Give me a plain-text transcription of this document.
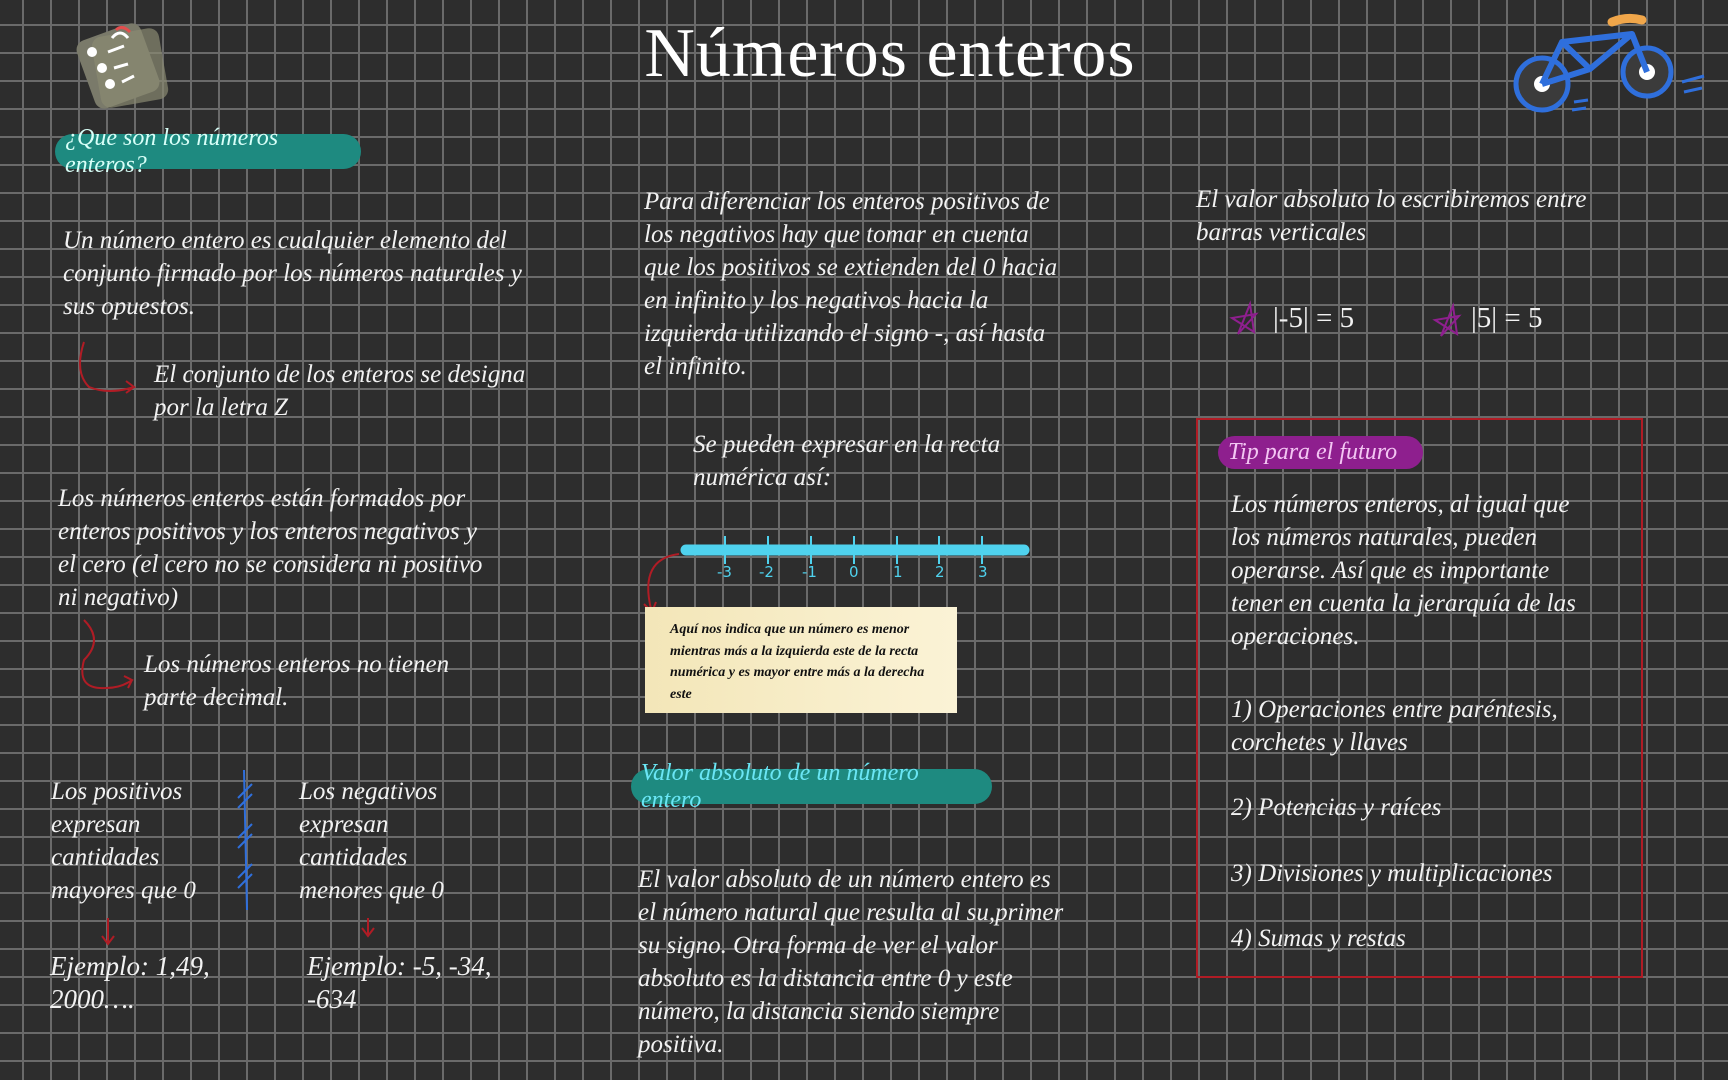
Números enteros
¿Que son los números enteros?

Un número entero es cualquier elemento del conjunto firmado por los números naturales y sus opuestos.

El conjunto de los enteros se designa por la letra Z

Los números enteros están formados por enteros positivos y los enteros negativos y el cero (el cero no se considera ni positivo ni negativo)

Los números enteros no tienen parte decimal.

Los positivos expresan cantidades mayores que 0

Los negativos expresan cantidades menores que 0

Ejemplo: 1,49, 2000….

Ejemplo: -5, -34, -634

Para diferenciar los enteros positivos de los negativos hay que tomar en cuenta que los positivos se extienden del 0 hacia en infinito y los negativos hacia la izquierda utilizando el signo -, así hasta el infinito.

Se pueden expresar en la recta numérica así:

-3 -2 -1 0 1 2 3
Aquí nos indica que un número es menor mientras más a la izquierda este de la recta numérica y es mayor entre más a la derecha este
Valor absoluto de un número entero

El valor absoluto de un número entero es el número natural que resulta al su,primer su signo. Otra forma de ver el valor absoluto es la distancia entre 0 y este número, la distancia siendo siempre positiva.

El valor absoluto lo escribiremos entre barras verticales

|-5| = 5	|5| = 5
Tip para el futuro

Los números enteros, al igual que los números naturales, pueden operarse. Así que es importante tener en cuenta la jerarquía de las operaciones.

1) Operaciones entre paréntesis, corchetes y llaves

2) Potencias y raíces

3) Divisiones y multiplicaciones

4) Sumas y restas
